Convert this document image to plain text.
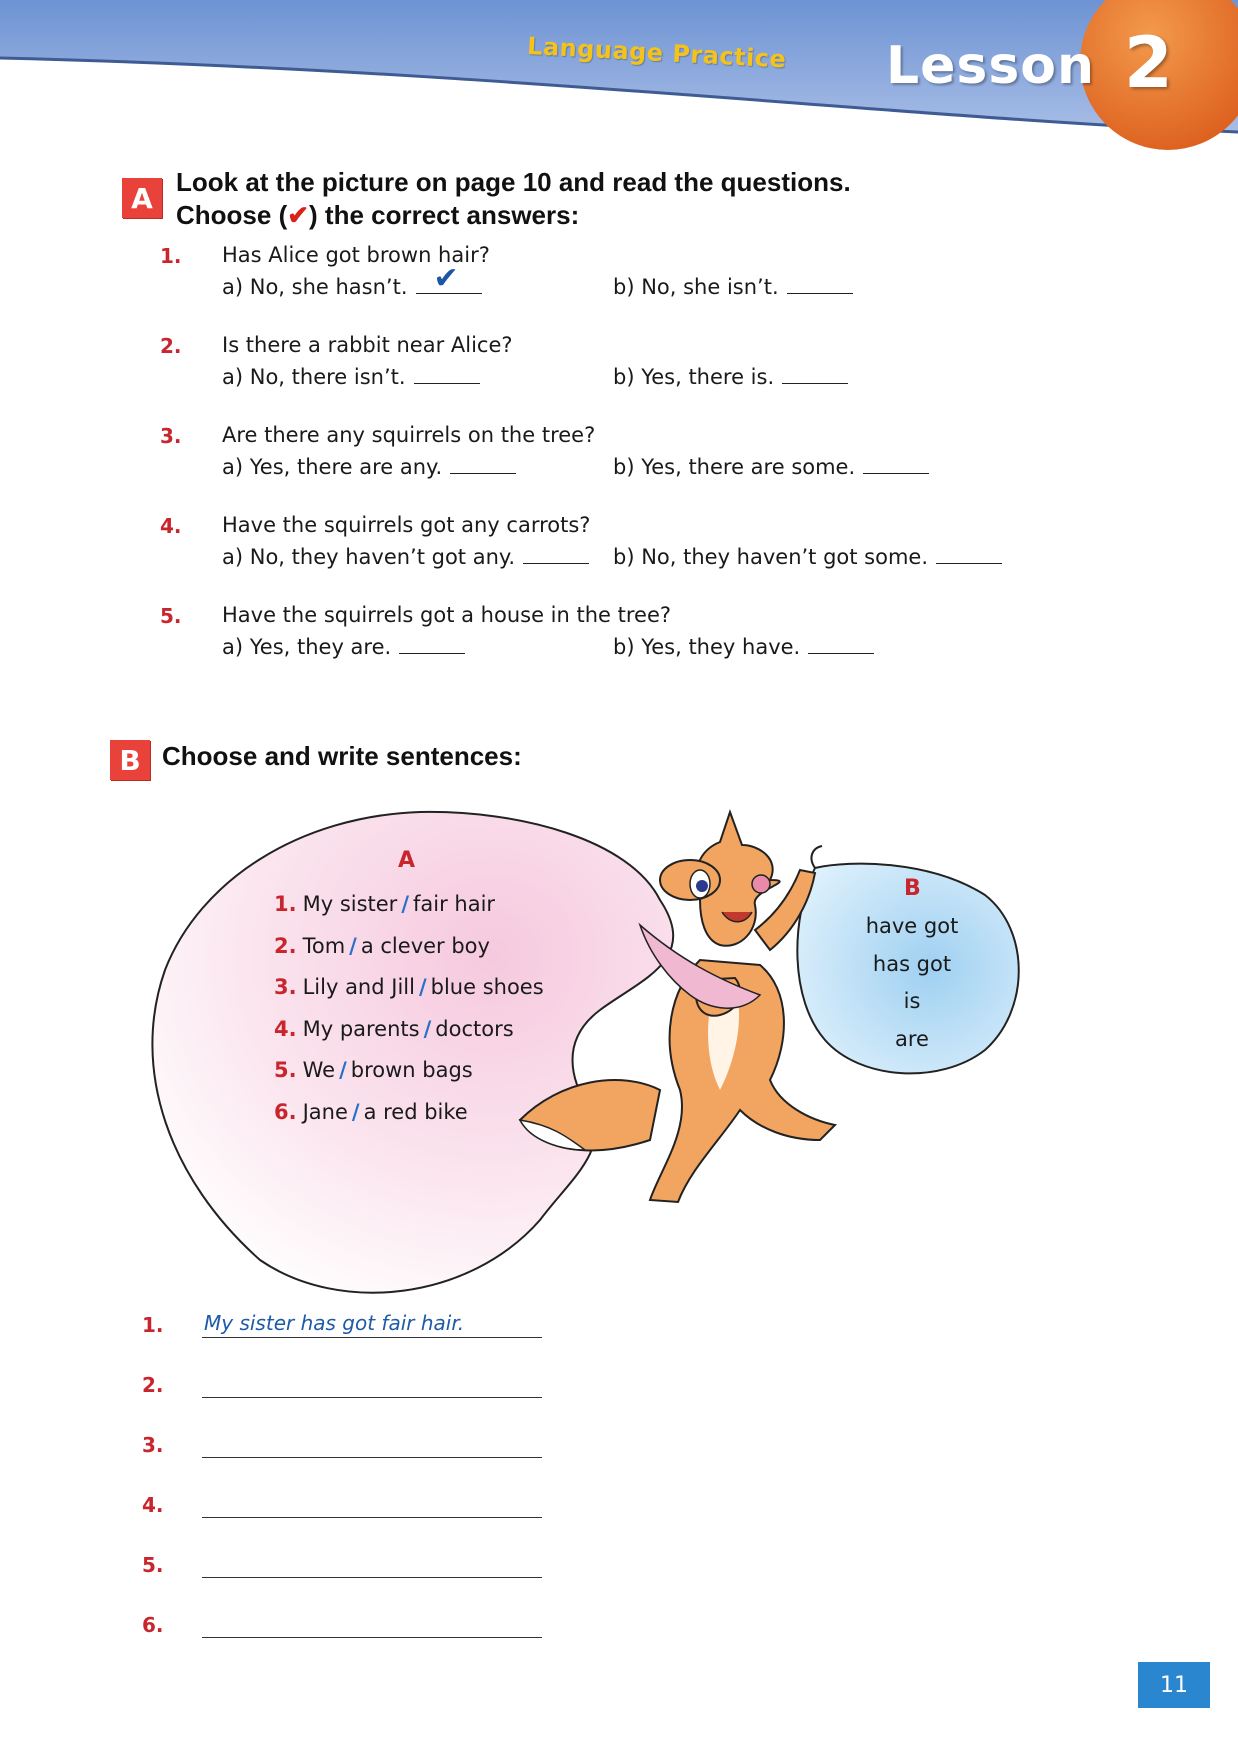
Language Practice Lesson 2
A Look at the picture on page 10 and read the questions.
Choose (✔) the correct answers:
1. Has Alice got brown hair?
a) No, she hasn’t. ✔	b) No, she isn’t.
2. Is there a rabbit near Alice?
a) No, there isn’t.	b) Yes, there is.
3. Are there any squirrels on the tree?
a) Yes, there are any.	b) Yes, there are some.
4. Have the squirrels got any carrots?
a) No, they haven’t got any.	b) No, they haven’t got some.
5. Have the squirrels got a house in the tree?
a) Yes, they are.	b) Yes, they have.
B Choose and write sentences:
A
1. My sister / fair hair
2. Tom / a clever boy
3. Lily and Jill / blue shoes
4. My parents / doctors
5. We / brown bags
6. Jane / a red bike
B
have got
has got
is
are
1. My sister has got fair hair.
2.
3.
4.
5.
6.
11
